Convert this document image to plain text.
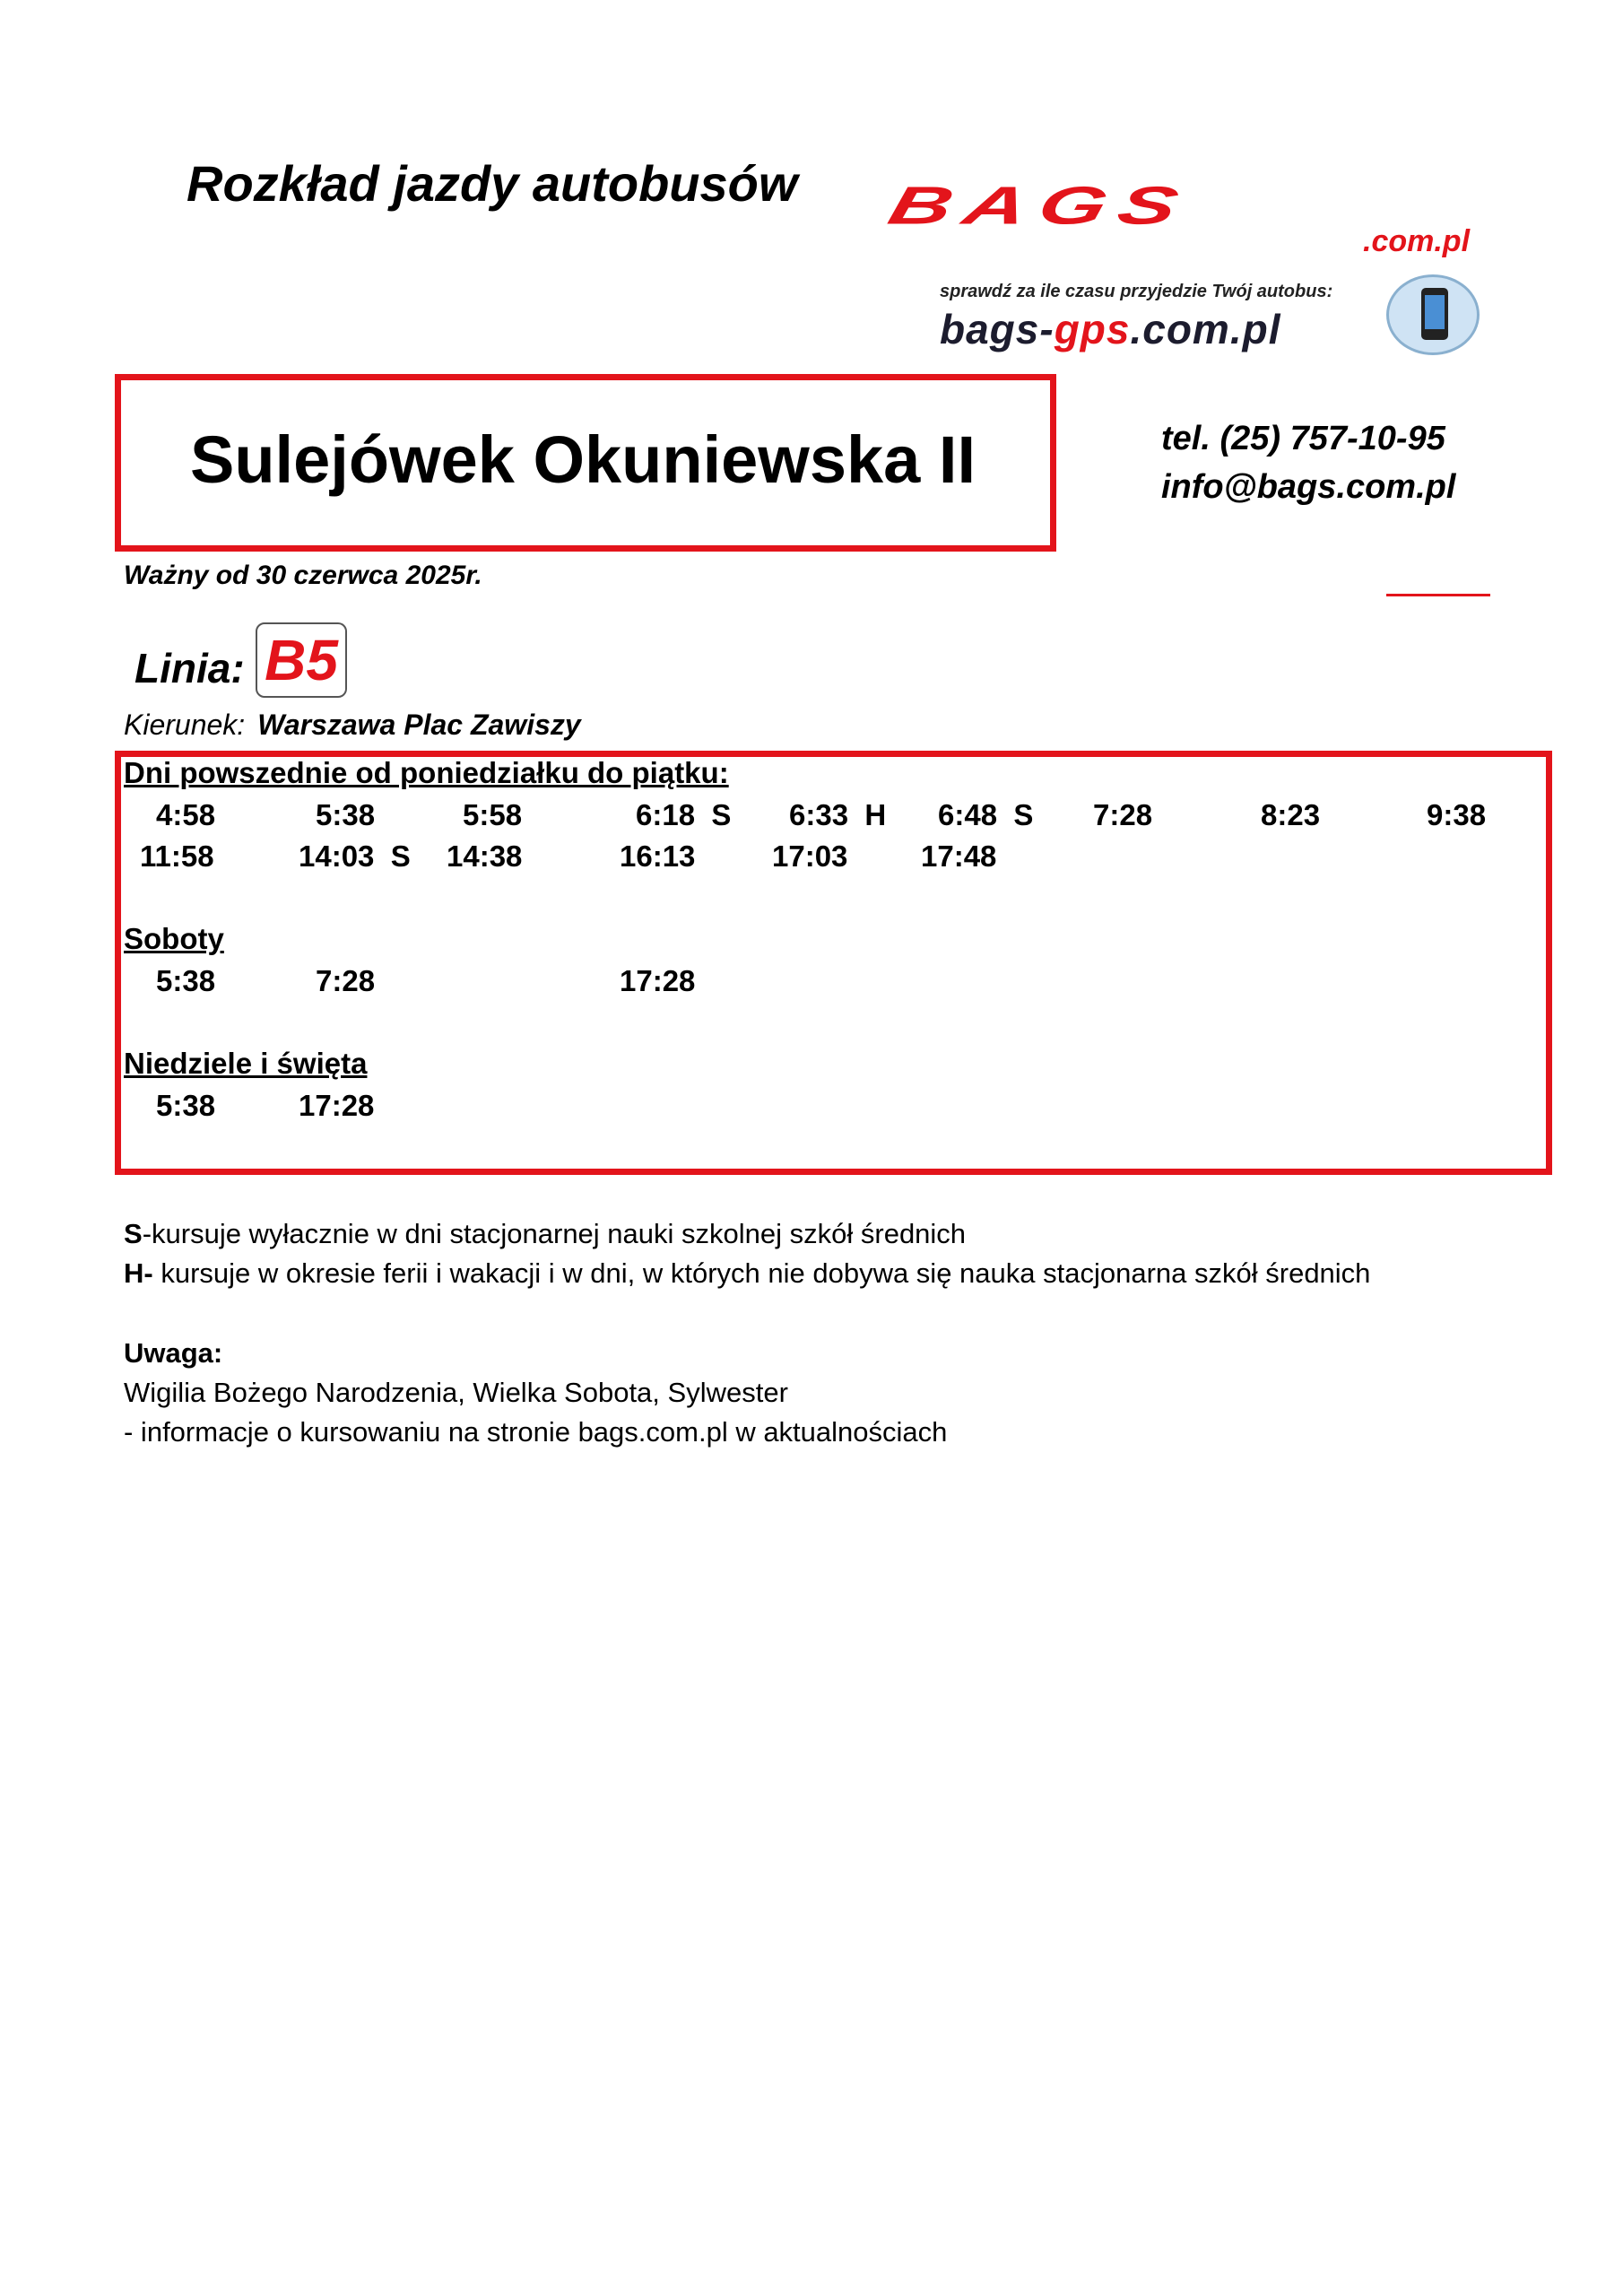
Rozkład jazdy autobusów BAGS
.com.pl
sprawdź za ile czasu przyjedzie Twój autobus:
bags-gps.com.pl
Sulejówek Okuniewska II	tel. (25) 757-10-95
info@bags.com.pl
Ważny od 30 czerwca 2025r.
Linia: B5
Kierunek: Warszawa Plac Zawiszy
Dni powszednie od poniedziałku do piątku:
4:58	5:38	5:58	6:18  S 6:33  H 6:48  S 7:28	8:23	9:38
11:58	14:03  S 14:38	16:13	17:03 17:48
Soboty
5:38	7:28	17:28
Niedziele i święta
5:38	17:28
S-kursuje wyłacznie w dni stacjonarnej nauki szkolnej szkół średnich
H- kursuje w okresie ferii i wakacji i w dni, w których nie dobywa się nauka stacjonarna szkół średnich
Uwaga:
Wigilia Bożego Narodzenia, Wielka Sobota, Sylwester
- informacje o kursowaniu na stronie bags.com.pl w aktualnościach
